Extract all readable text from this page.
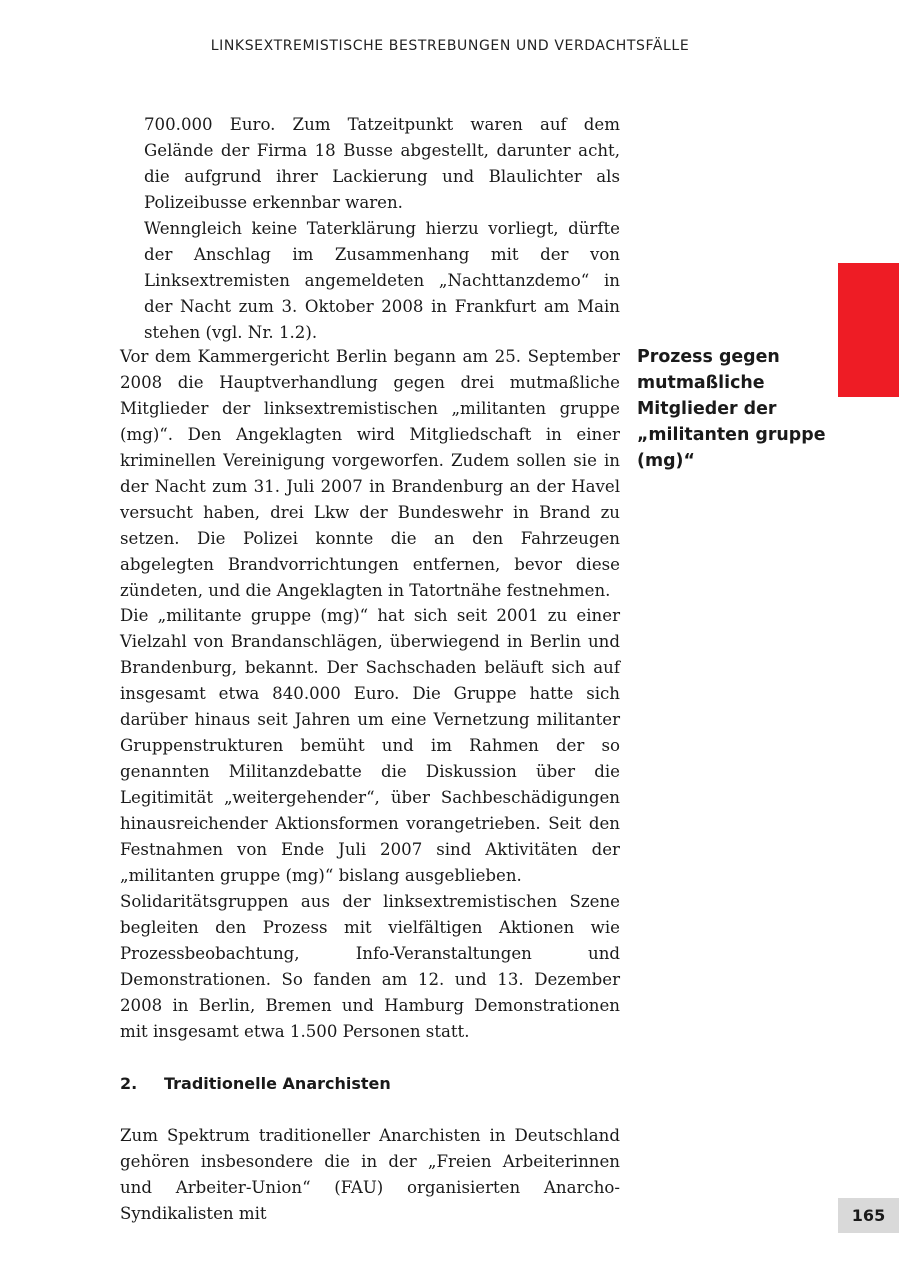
LINKSEXTREMISTISCHE BESTREBUNGEN UND VERDACHTSFÄLLE

700.000 Euro. Zum Tatzeitpunkt waren auf dem Gelände der Firma 18 Busse abgestellt, darunter acht, die aufgrund ihrer Lackierung und Blaulichter als Polizeibusse erkennbar waren.

Wenngleich keine Taterklärung hierzu vorliegt, dürfte der Anschlag im Zusammenhang mit der von Linksextremisten angemeldeten „Nachttanzdemo“ in der Nacht zum 3. Oktober 2008 in Frankfurt am Main stehen (vgl. Nr. 1.2).

Prozess gegen mutmaßliche Mitglieder der „militanten gruppe (mg)“
Vor dem Kammergericht Berlin begann am 25. September 2008 die Hauptverhandlung gegen drei mutmaßliche Mitglieder der linksextremistischen „militanten gruppe (mg)“. Den Angeklagten wird Mitgliedschaft in einer kriminellen Vereinigung vorgeworfen. Zudem sollen sie in der Nacht zum 31. Juli 2007 in Brandenburg an der Havel versucht haben, drei Lkw der Bundeswehr in Brand zu setzen. Die Polizei konnte die an den Fahrzeugen abgelegten Brandvorrichtungen entfernen, bevor diese zündeten, und die Angeklagten in Tatortnähe festnehmen.
Die „militante gruppe (mg)“ hat sich seit 2001 zu einer Vielzahl von Brandanschlägen, überwiegend in Berlin und Brandenburg, bekannt. Der Sachschaden beläuft sich auf insgesamt etwa 840.000 Euro. Die Gruppe hatte sich darüber hinaus seit Jahren um eine Vernetzung militanter Gruppenstrukturen bemüht und im Rahmen der so genannten Militanzdebatte die Diskussion über die Legitimität „weitergehender“, über Sachbeschädigungen hinausreichender Aktionsformen vorangetrieben. Seit den Festnahmen von Ende Juli 2007 sind Aktivitäten der „militanten gruppe (mg)“ bislang ausgeblieben.
Solidaritätsgruppen aus der linksextremistischen Szene begleiten den Prozess mit vielfältigen Aktionen wie Prozessbeobachtung, Info-Veranstaltungen und Demonstrationen. So fanden am 12. und 13. Dezember 2008 in Berlin, Bremen und Hamburg Demonstrationen mit insgesamt etwa 1.500 Personen statt.
2. Traditionelle Anarchisten
Zum Spektrum traditioneller Anarchisten in Deutschland gehören insbesondere die in der „Freien Arbeiterinnen und Arbeiter-Union“ (FAU) organisierten Anarcho-Syndikalisten mit	165
